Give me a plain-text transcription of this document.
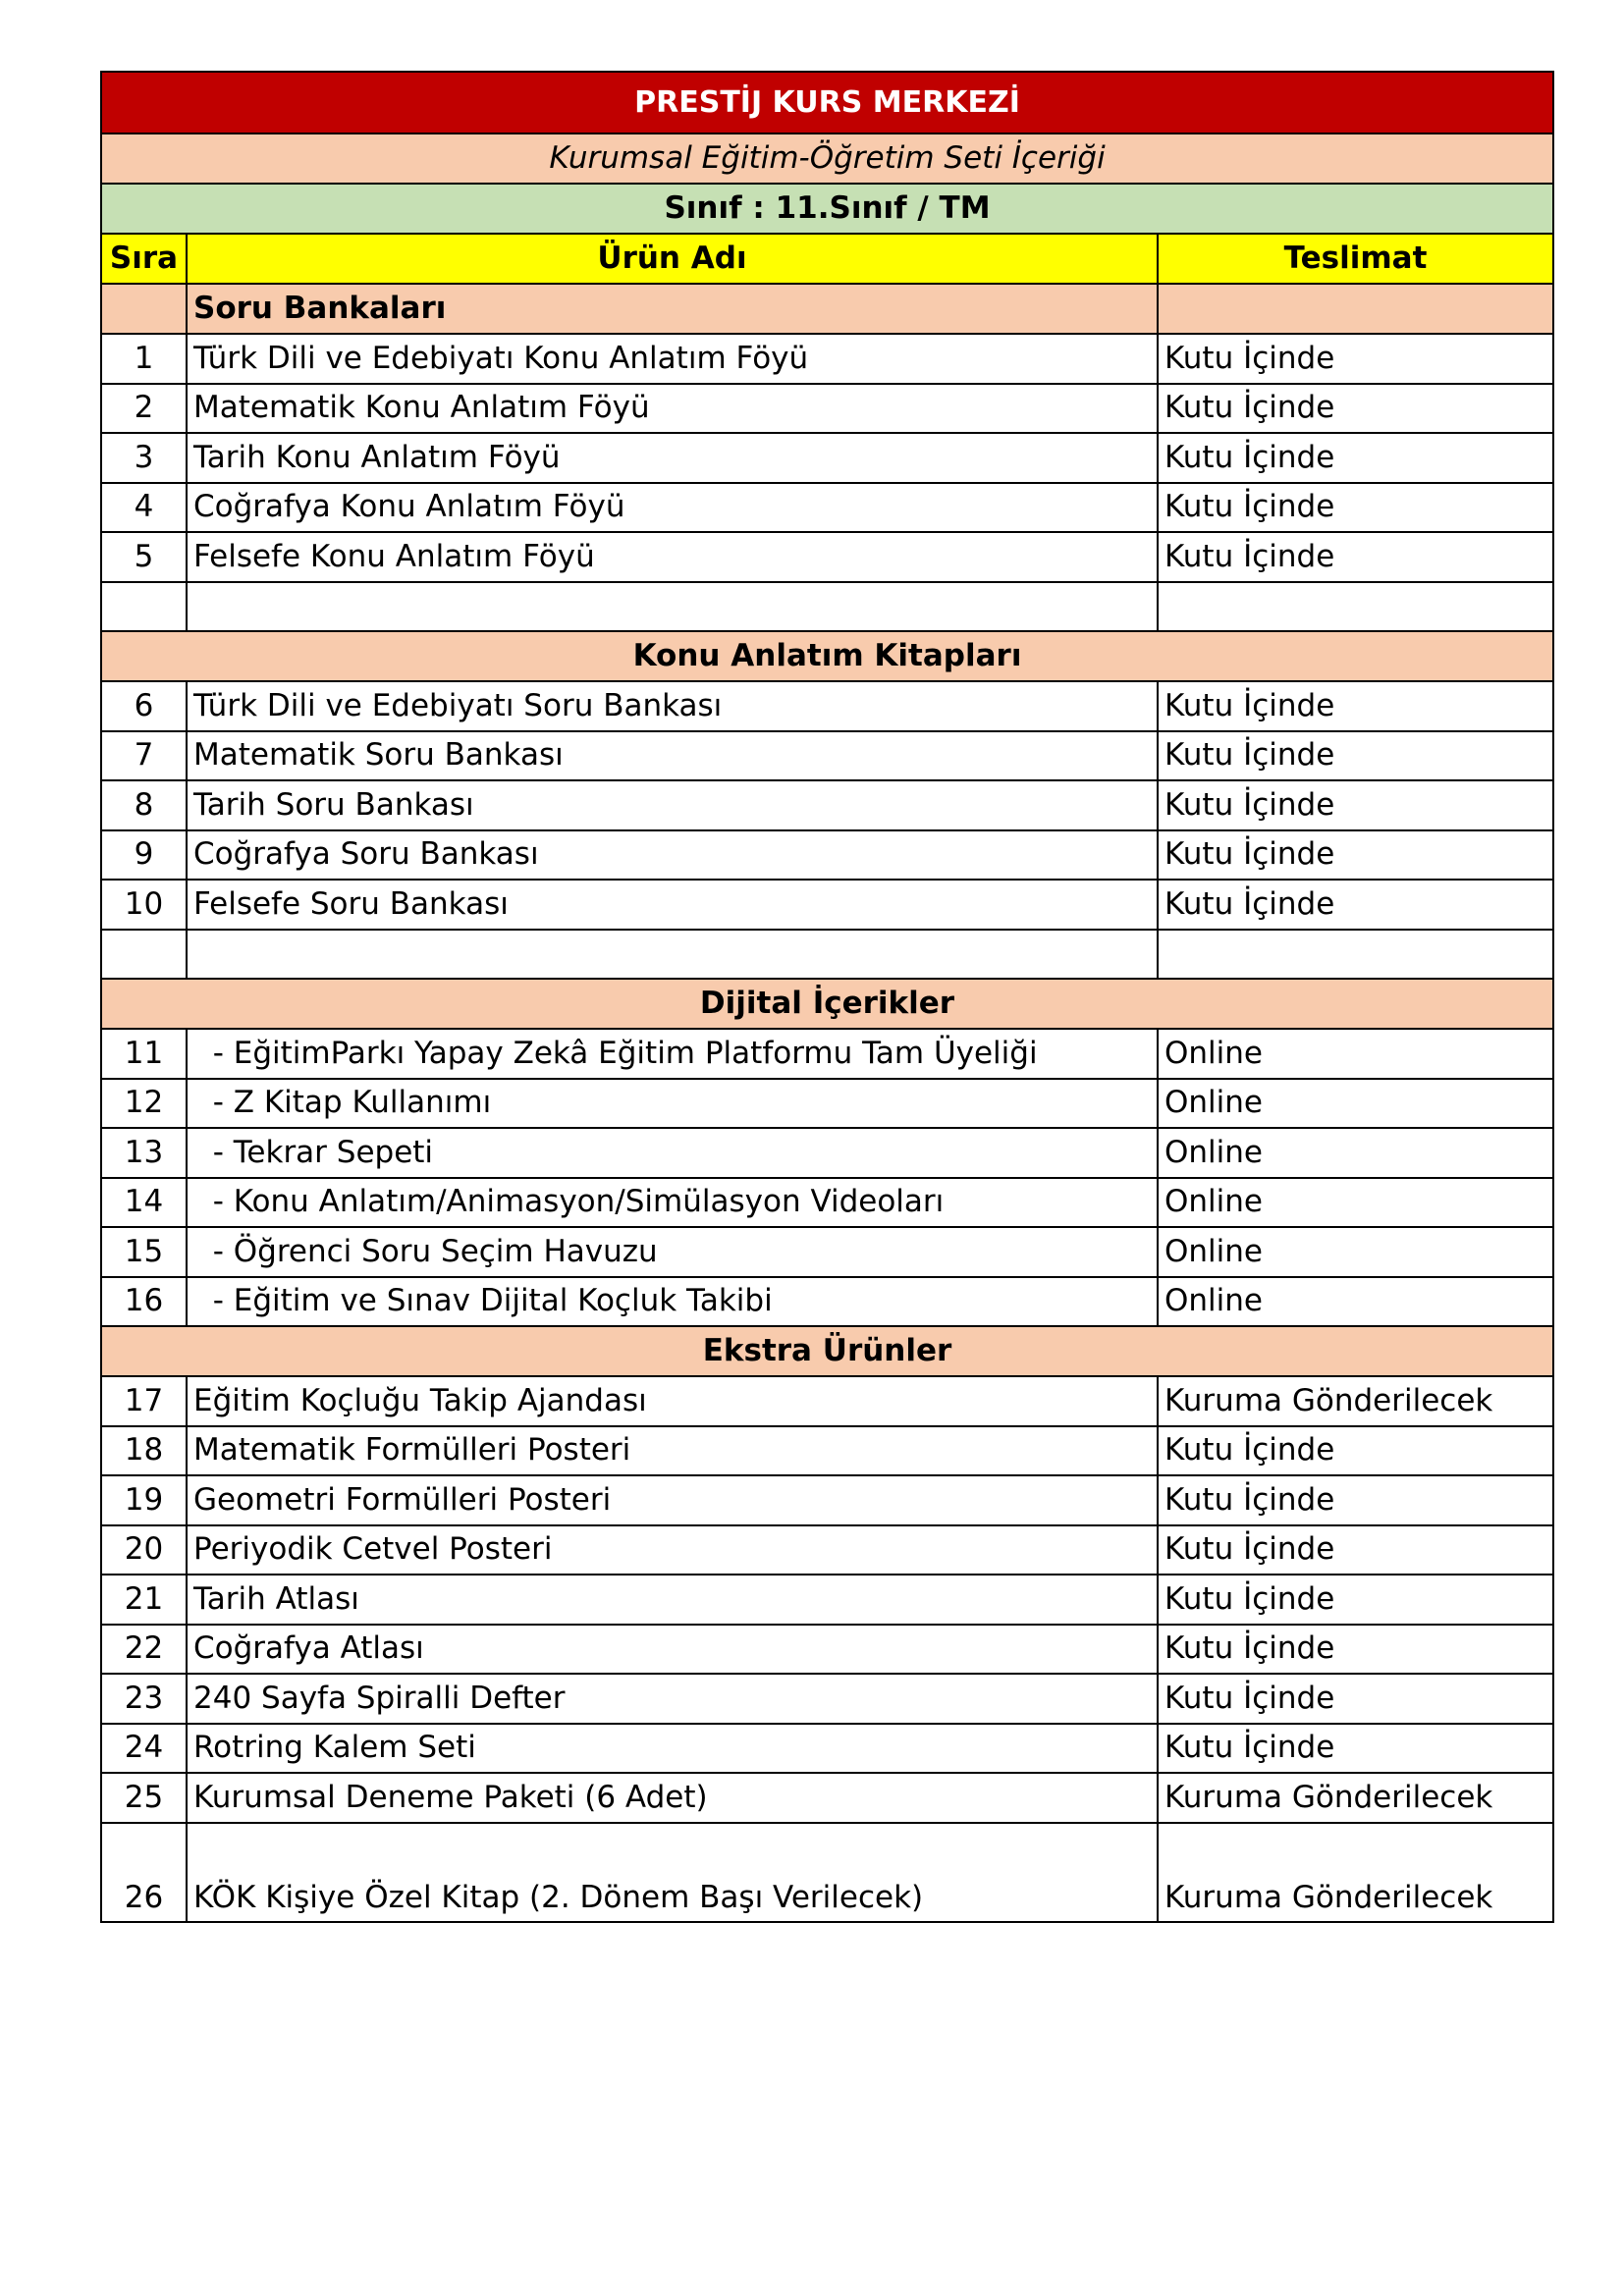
PRESTİJ KURS MERKEZİ		
Kurumsal Eğitim-Öğretim Seti İçeriği		
Sınıf : 11.Sınıf / TM		
Sıra	Ürün Adı	Teslimat
	Soru Bankaları	
1	Türk Dili ve Edebiyatı Konu Anlatım Föyü	Kutu İçinde
2	Matematik Konu Anlatım Föyü	Kutu İçinde
3	Tarih Konu Anlatım Föyü	Kutu İçinde
4	Coğrafya Konu Anlatım Föyü	Kutu İçinde
5	Felsefe Konu Anlatım Föyü	Kutu İçinde

Konu Anlatım Kitapları		
6	Türk Dili ve Edebiyatı Soru Bankası	Kutu İçinde
7	Matematik Soru Bankası	Kutu İçinde
8	Tarih Soru Bankası	Kutu İçinde
9	Coğrafya Soru Bankası	Kutu İçinde
10	Felsefe Soru Bankası	Kutu İçinde

Dijital İçerikler		
11	- EğitimParkı Yapay Zekâ Eğitim Platformu Tam Üyeliği	Online
12	- Z Kitap Kullanımı	Online
13	- Tekrar Sepeti	Online
14	- Konu Anlatım/Animasyon/Simülasyon Videoları	Online
15	- Öğrenci Soru Seçim Havuzu	Online
16	- Eğitim ve Sınav Dijital Koçluk Takibi	Online
Ekstra Ürünler		
17	Eğitim Koçluğu Takip Ajandası	Kuruma Gönderilecek
18	Matematik Formülleri Posteri	Kutu İçinde
19	Geometri Formülleri Posteri	Kutu İçinde
20	Periyodik Cetvel Posteri	Kutu İçinde
21	Tarih Atlası	Kutu İçinde
22	Coğrafya Atlası	Kutu İçinde
23	240 Sayfa Spiralli Defter	Kutu İçinde
24	Rotring Kalem Seti	Kutu İçinde
25	Kurumsal Deneme Paketi (6 Adet)	Kuruma Gönderilecek
26	KÖK Kişiye Özel Kitap (2. Dönem Başı Verilecek)	Kuruma Gönderilecek
